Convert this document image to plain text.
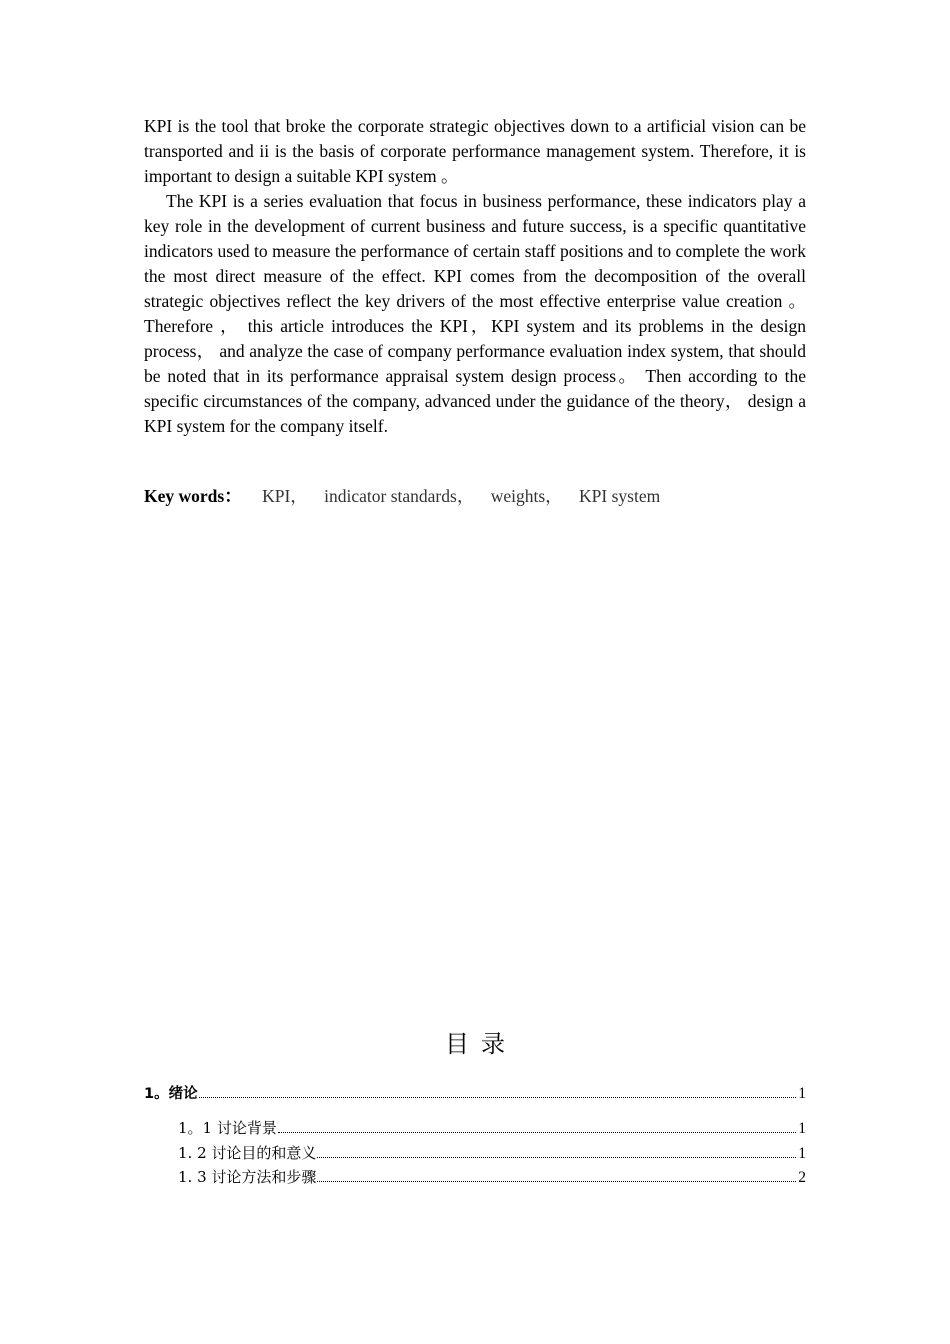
KPI is the tool that broke the corporate strategic objectives down to a artificial vision can be transported and ii is the basis of corporate performance management system. Therefore, it is important to design a suitable KPI system 。

The KPI is a series evaluation that focus in business performance, these indicators play a key role in the development of current business and future success, is a specific quantitative indicators used to measure the performance of certain staff positions and to complete the work the most direct measure of the effect. KPI comes from the decomposition of the overall strategic objectives reflect the key drivers of the most effective enterprise value creation 。 Therefore ， this article introduces the KPI，KPI system and its problems in the design process， and analyze the case of company performance evaluation index system, that should be noted that in its performance appraisal system design process。 Then according to the specific circumstances of the company, advanced under the guidance of the theory， design a KPI system for the company itself.

Key words： KPI， indicator standards， weights， KPI system
目录
1。绪论	1
1。1 讨论背景	1
1. 2 讨论目的和意义	1
1. 3 讨论方法和步骤	2
